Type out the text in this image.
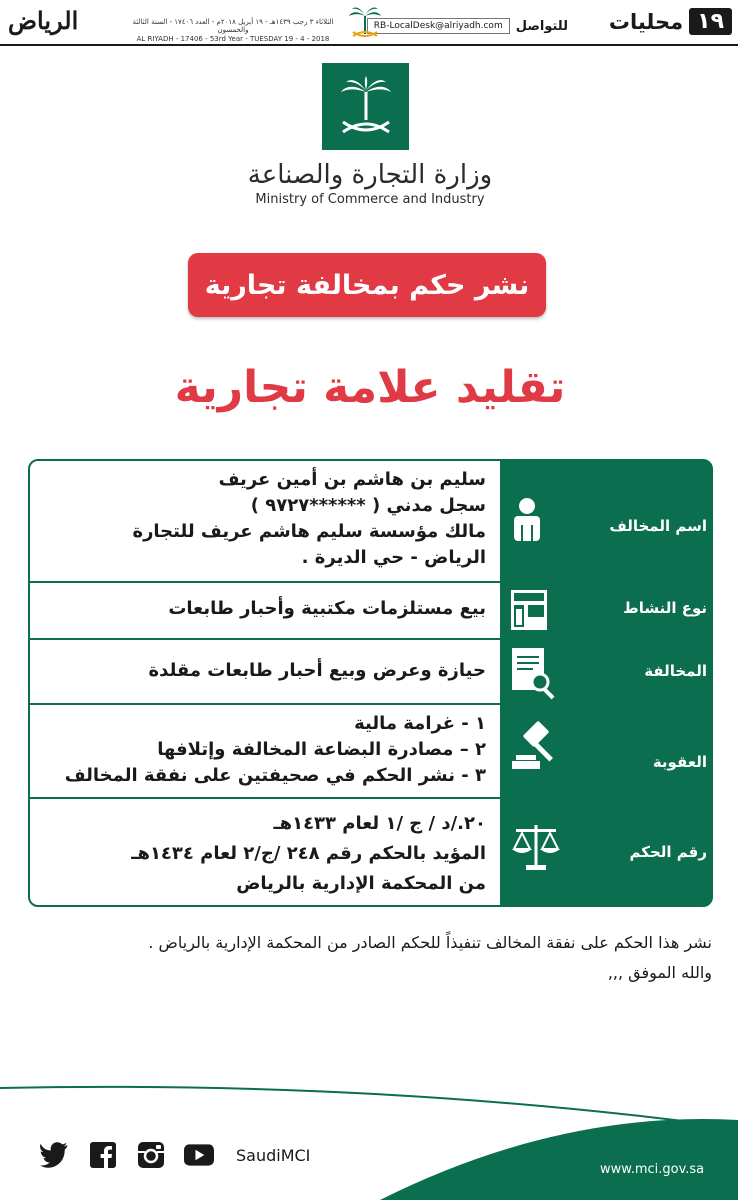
١٩
محليات
للتواصل
RB-LocalDesk@alriyadh.com
الثلاثاء ٣ رجب ١٤٣٩هـ - ١٩ أبريل ٢٠١٨م - العدد ١٧٤٠٦ - السنة الثالثة والخمسون
AL RIYADH - 17406 - 53rd Year - TUESDAY 19 - 4 - 2018
الرياض
وزارة التجارة والصناعة
Ministry of Commerce and Industry
نشر حكم بمخالفة تجارية
تقليد علامة تجارية
اسم المخالف
سليم بن هاشم بن أمين عريف
سجل مدني ( ******٩٧٢٧ )
مالك مؤسسة سليم هاشم عريف للتجارة
الرياض - حي الديرة .
نوع النشاط
بيع مستلزمات مكتبية وأحبار طابعات
المخالفة
حيازة وعرض وبيع أحبار طابعات مقلدة
العقوبة
١ - غرامة مالية
٢ – مصادرة البضاعة المخالفة وإتلافها
٣ - نشر الحكم في صحيفتين على نفقة المخالف
رقم الحكم
٢٠./د / ج /١ لعام ١٤٣٣هـ
المؤيد بالحكم رقم ٢٤٨ /ج/٢ لعام ١٤٣٤هـ
من المحكمة الإدارية بالرياض
نشر هذا الحكم على نفقة المخالف تنفيذاً للحكم الصادر من المحكمة الإدارية بالرياض .
والله الموفق ,,,
SaudiMCI
www.mci.gov.sa
